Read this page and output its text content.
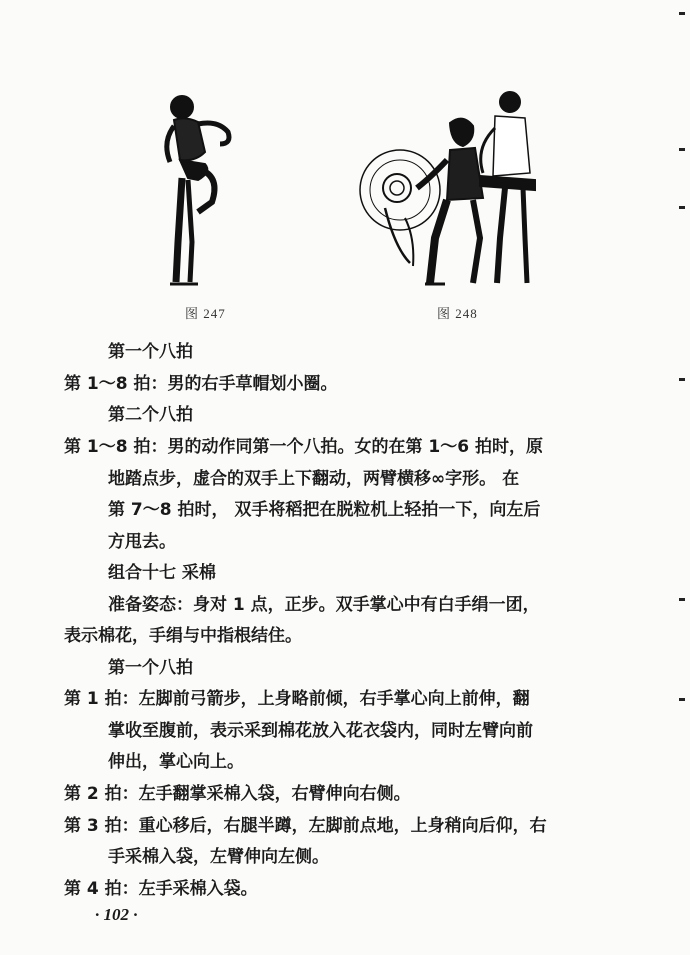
图 247	图 248
第一个八拍
第 1～8 拍：男的右手草帽划小圈。
第二个八拍
第 1～8 拍：男的动作同第一个八拍。女的在第 1～6 拍时，原
地踏点步，虚合的双手上下翻动，两臂横移∞字形。 在
第 7～8 拍时， 双手将稻把在脱粒机上轻拍一下，向左后
方甩去。
组合十七 采棉
准备姿态：身对 1 点，正步。双手掌心中有白手绢一团，
表示棉花，手绢与中指根结住。
第一个八拍
第 1 拍：左脚前弓箭步，上身略前倾，右手掌心向上前伸，翻
掌收至腹前，表示采到棉花放入花衣袋内，同时左臂向前
伸出，掌心向上。
第 2 拍：左手翻掌采棉入袋，右臂伸向右侧。
第 3 拍：重心移后，右腿半蹲，左脚前点地，上身稍向后仰，右
手采棉入袋，左臂伸向左侧。
第 4 拍：左手采棉入袋。
· 102 ·
